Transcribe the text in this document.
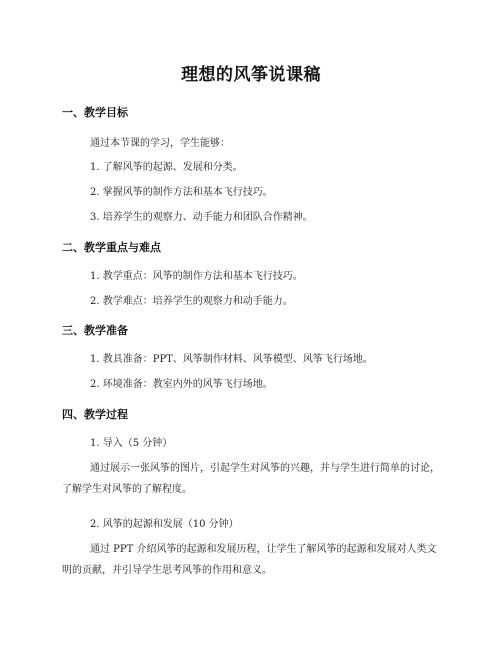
理想的风筝说课稿
一、教学目标
通过本节课的学习，学生能够：
1. 了解风筝的起源、发展和分类。
2. 掌握风筝的制作方法和基本飞行技巧。
3. 培养学生的观察力、动手能力和团队合作精神。
二、教学重点与难点
1. 教学重点：风筝的制作方法和基本飞行技巧。
2. 教学难点：培养学生的观察力和动手能力。
三、教学准备
1. 教具准备：PPT、风筝制作材料、风筝模型、风筝飞行场地。
2. 环境准备：教室内外的风筝飞行场地。
四、教学过程
1. 导入（5 分钟）
通过展示一张风筝的图片，引起学生对风筝的兴趣，并与学生进行简单的讨论，了解学生对风筝的了解程度。
2. 风筝的起源和发展（10 分钟）
通过 PPT 介绍风筝的起源和发展历程，让学生了解风筝的起源和发展对人类文明的贡献，并引导学生思考风筝的作用和意义。
